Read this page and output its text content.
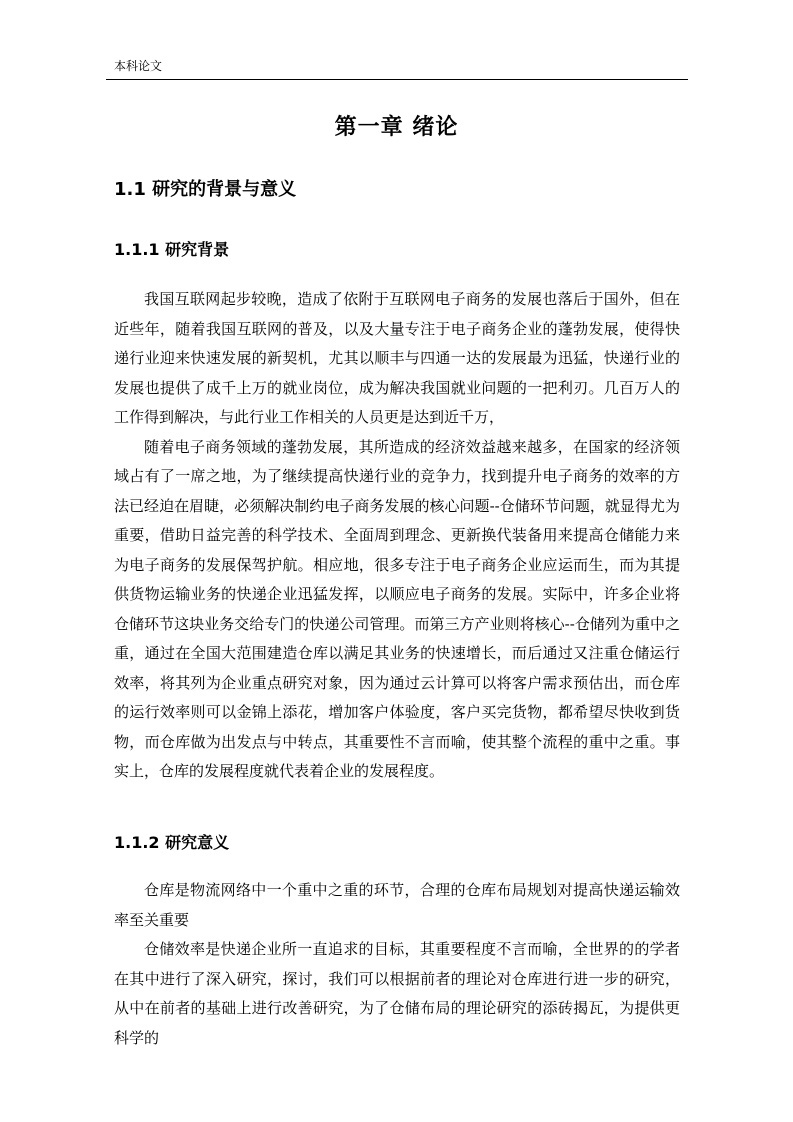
本科论文
第一章 绪论
1.1 研究的背景与意义
1.1.1 研究背景

我国互联网起步较晚，造成了依附于互联网电子商务的发展也落后于国外，但在近些年，随着我国互联网的普及，以及大量专注于电子商务企业的蓬勃发展，使得快递行业迎来快速发展的新契机，尤其以顺丰与四通一达的发展最为迅猛，快递行业的发展也提供了成千上万的就业岗位，成为解决我国就业问题的一把利刃。几百万人的工作得到解决，与此行业工作相关的人员更是达到近千万，

随着电子商务领域的蓬勃发展，其所造成的经济效益越来越多，在国家的经济领域占有了一席之地，为了继续提高快递行业的竞争力，找到提升电子商务的效率的方法已经迫在眉睫，必须解决制约电子商务发展的核心问题--仓储环节问题，就显得尤为重要，借助日益完善的科学技术、全面周到理念、更新换代装备用来提高仓储能力来为电子商务的发展保驾护航。相应地，很多专注于电子商务企业应运而生，而为其提供货物运输业务的快递企业迅猛发挥，以顺应电子商务的发展。实际中，许多企业将仓储环节这块业务交给专门的快递公司管理。而第三方产业则将核心--仓储列为重中之重，通过在全国大范围建造仓库以满足其业务的快速增长，而后通过又注重仓储运行效率，将其列为企业重点研究对象，因为通过云计算可以将客户需求预估出，而仓库的运行效率则可以金锦上添花，增加客户体验度，客户买完货物，都希望尽快收到货物，而仓库做为出发点与中转点，其重要性不言而喻，使其整个流程的重中之重。事实上，仓库的发展程度就代表着企业的发展程度。

1.1.2 研究意义

仓库是物流网络中一个重中之重的环节，合理的仓库布局规划对提高快递运输效率至关重要

仓储效率是快递企业所一直追求的目标，其重要程度不言而喻，全世界的的学者在其中进行了深入研究，探讨，我们可以根据前者的理论对仓库进行进一步的研究，从中在前者的基础上进行改善研究，为了仓储布局的理论研究的添砖揭瓦，为提供更科学的
